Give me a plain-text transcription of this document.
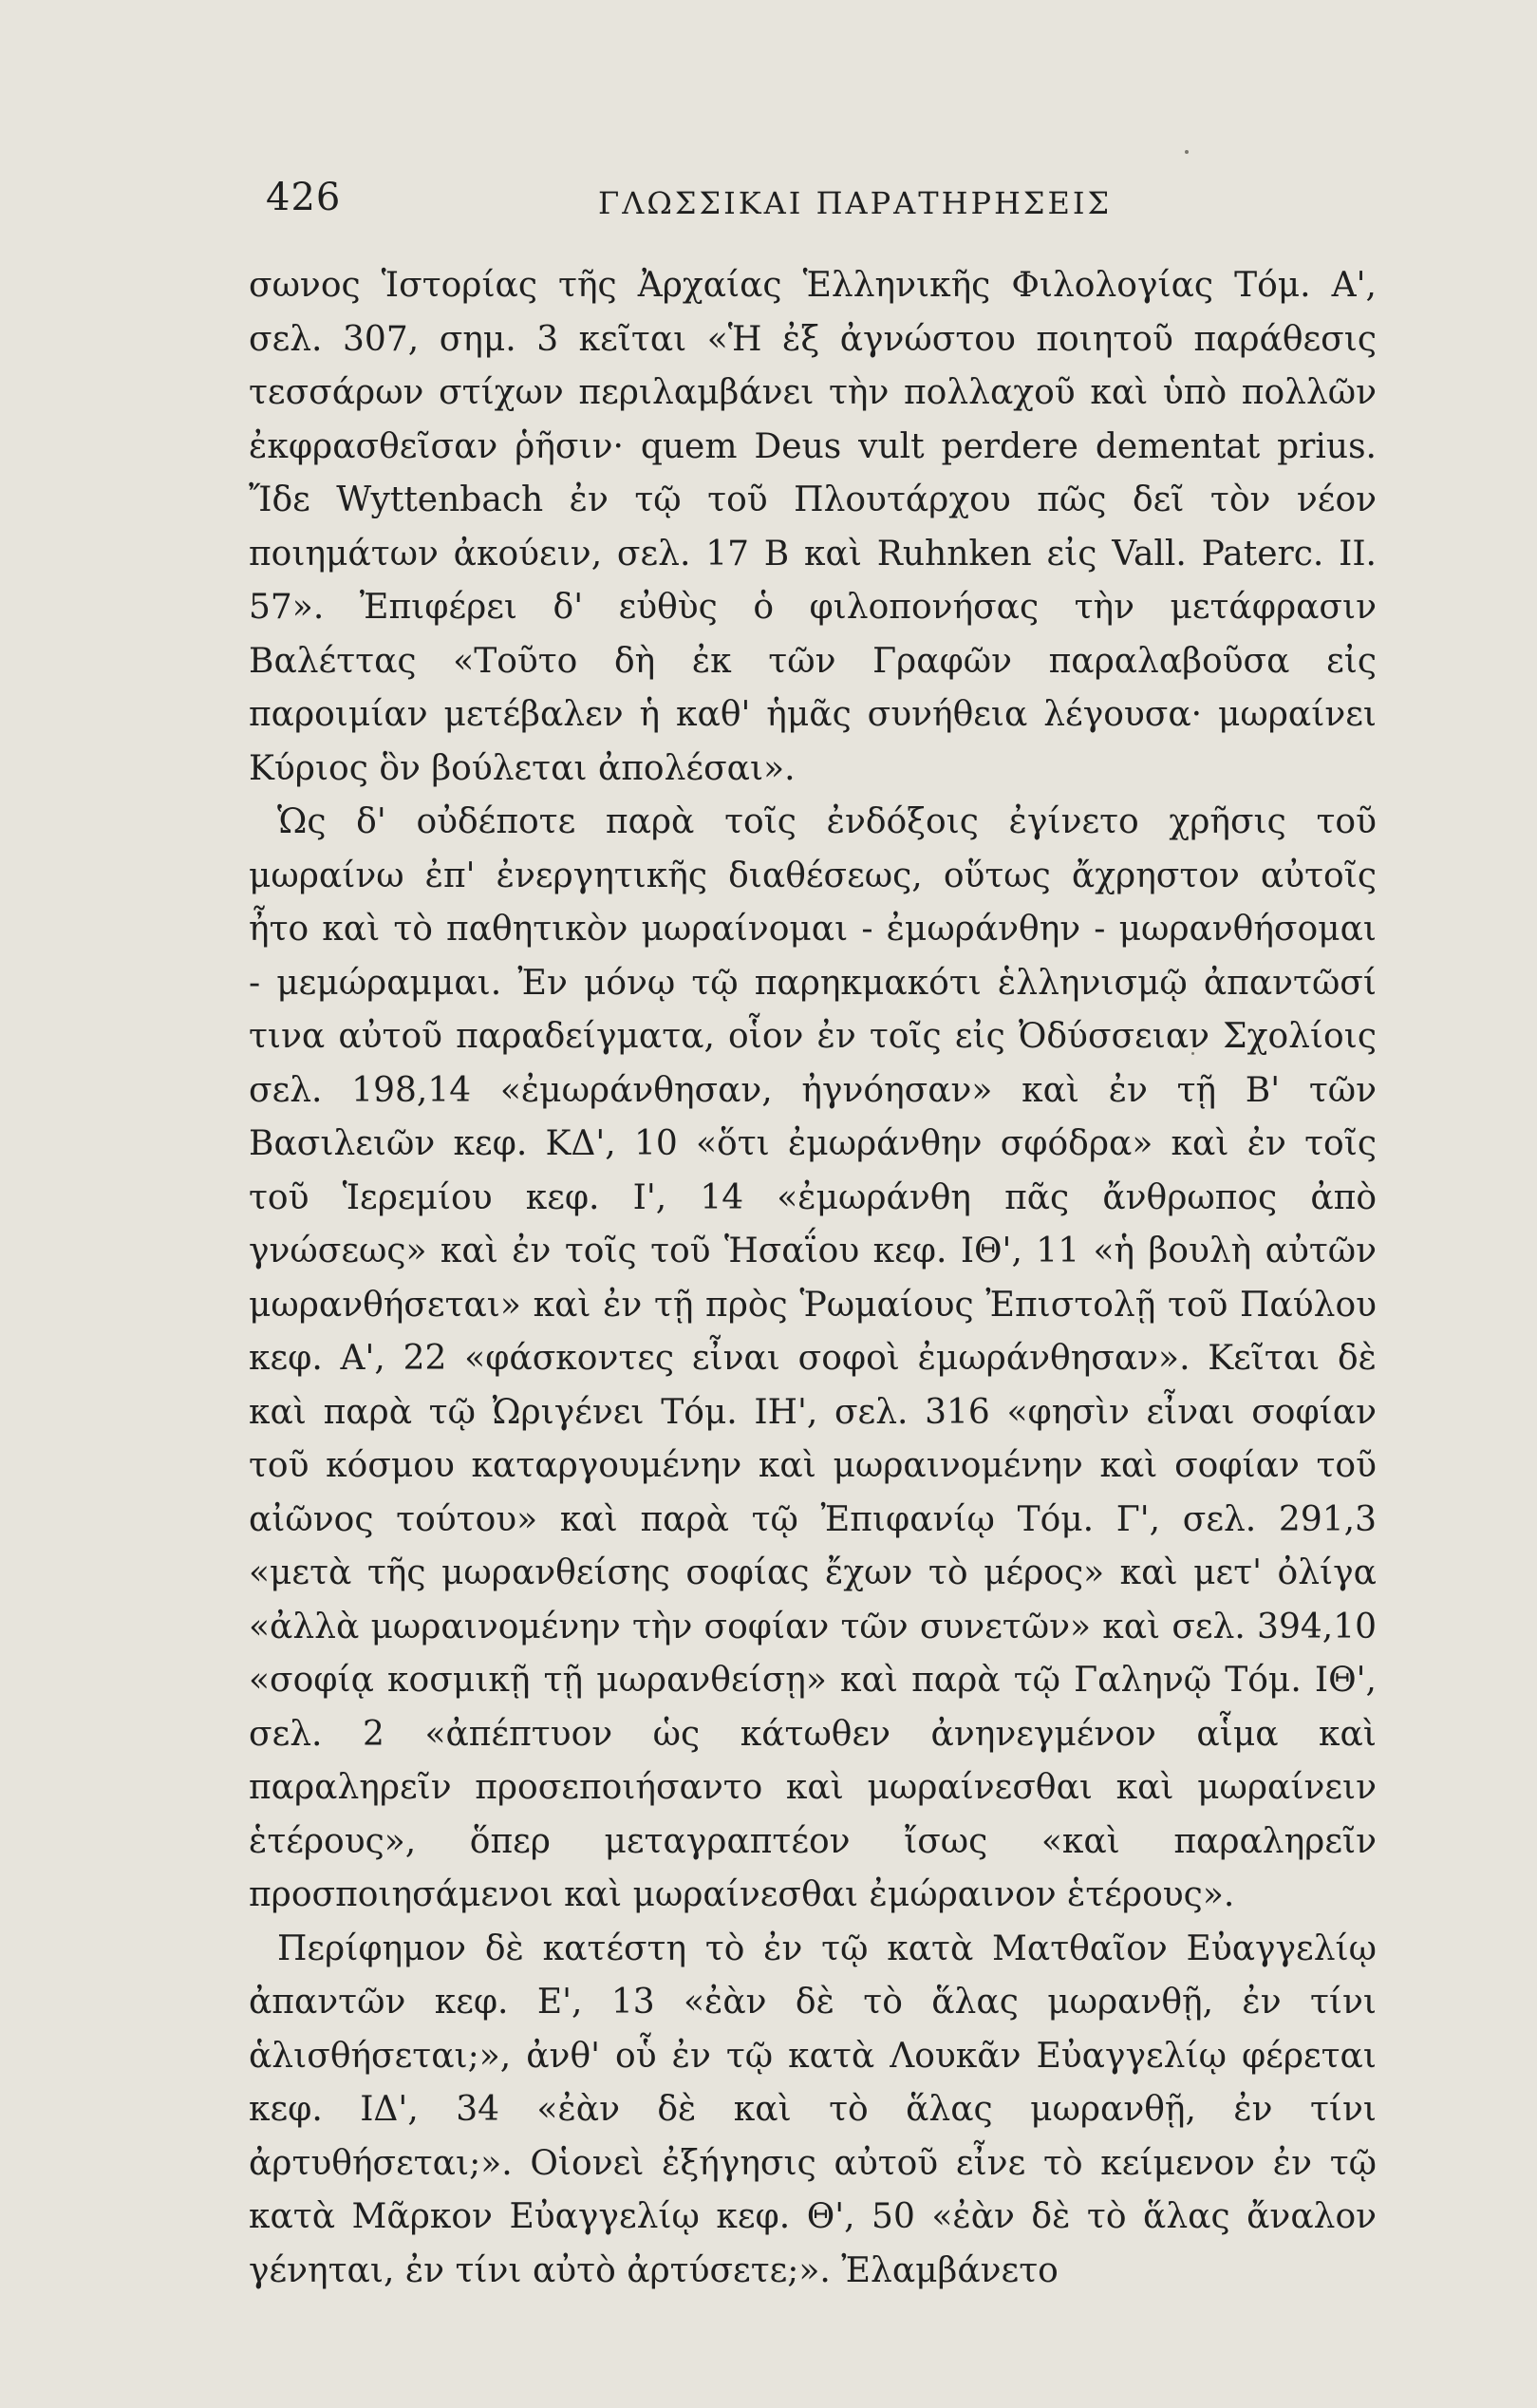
426	ΓΛΩΣΣΙΚΑΙ ΠΑΡΑΤΗΡΗΣΕΙΣ

σωνος Ἱστορίας τῆς Ἀρχαίας Ἑλληνικῆς Φιλολογίας Τόμ. Α', σελ. 307, σημ. 3 κεῖται «Ἡ ἐξ ἀγνώστου ποιητοῦ παράθεσις τεσσάρων στίχων περιλαμβάνει τὴν πολλαχοῦ καὶ ὑπὸ πολλῶν ἐκφρασθεῖσαν ῥῆσιν· quem Deus vult perdere dementat prius. Ἴδε Wyttenbach ἐν τῷ τοῦ Πλουτάρχου πῶς δεῖ τὸν νέον ποιημάτων ἀκούειν, σελ. 17 Β καὶ Ruhnken εἰς Vall. Paterc. II. 57». Ἐπιφέρει δ' εὐθὺς ὁ φιλοπονήσας τὴν μετάφρασιν Βαλέττας «Τοῦτο δὴ ἐκ τῶν Γραφῶν παραλαβοῦσα εἰς παροιμίαν μετέβαλεν ἡ καθ' ἡμᾶς συνήθεια λέγουσα· μωραίνει Κύριος ὃν βούλεται ἀπολέσαι».

Ὡς δ' οὐδέποτε παρὰ τοῖς ἐνδόξοις ἐγίνετο χρῆσις τοῦ μωραίνω ἐπ' ἐνεργητικῆς διαθέσεως, οὕτως ἄχρηστον αὐτοῖς ἦτο καὶ τὸ παθητικὸν μωραίνομαι - ἐμωράνθην - μωρανθήσομαι - μεμώραμμαι. Ἐν μόνῳ τῷ παρηκμακότι ἑλληνισμῷ ἀπαντῶσί τινα αὐτοῦ παραδείγματα, οἷον ἐν τοῖς εἰς Ὀδύσσειαν Σχολίοις σελ. 198,14 «ἐμωράνθησαν, ἠγνόησαν» καὶ ἐν τῇ Β' τῶν Βασιλειῶν κεφ. ΚΔ', 10 «ὅτι ἐμωράνθην σφόδρα» καὶ ἐν τοῖς τοῦ Ἱερεμίου κεφ. Ι', 14 «ἐμωράνθη πᾶς ἄνθρωπος ἀπὸ γνώσεως» καὶ ἐν τοῖς τοῦ Ἡσαΐου κεφ. ΙΘ', 11 «ἡ βουλὴ αὐτῶν μωρανθήσεται» καὶ ἐν τῇ πρὸς Ῥωμαίους Ἐπιστολῇ τοῦ Παύλου κεφ. Α', 22 «φάσκοντες εἶναι σοφοὶ ἐμωράνθησαν». Κεῖται δὲ καὶ παρὰ τῷ Ὠριγένει Τόμ. ΙΗ', σελ. 316 «φησὶν εἶναι σοφίαν τοῦ κόσμου καταργουμένην καὶ μωραινομένην καὶ σοφίαν τοῦ αἰῶνος τούτου» καὶ παρὰ τῷ Ἐπιφανίῳ Τόμ. Γ', σελ. 291,3 «μετὰ τῆς μωρανθείσης σοφίας ἔχων τὸ μέρος» καὶ μετ' ὀλίγα «ἀλλὰ μωραινομένην τὴν σοφίαν τῶν συνετῶν» καὶ σελ. 394,10 «σοφίᾳ κοσμικῇ τῇ μωρανθείσῃ» καὶ παρὰ τῷ Γαληνῷ Τόμ. ΙΘ', σελ. 2 «ἀπέπτυον ὡς κάτωθεν ἀνηνεγμένον αἷμα καὶ παραληρεῖν προσεποιήσαντο καὶ μωραίνεσθαι καὶ μωραίνειν ἑτέρους», ὅπερ μεταγραπτέον ἴσως «καὶ παραληρεῖν προσποιησάμενοι καὶ μωραίνεσθαι ἐμώραινον ἑτέρους».

Περίφημον δὲ κατέστη τὸ ἐν τῷ κατὰ Ματθαῖον Εὐαγγελίῳ ἀπαντῶν κεφ. Ε', 13 «ἐὰν δὲ τὸ ἅλας μωρανθῇ, ἐν τίνι ἁλισθήσεται;», ἀνθ' οὗ ἐν τῷ κατὰ Λουκᾶν Εὐαγγελίῳ φέρεται κεφ. ΙΔ', 34 «ἐὰν δὲ καὶ τὸ ἅλας μωρανθῇ, ἐν τίνι ἀρτυθήσεται;». Οἱονεὶ ἐξήγησις αὐτοῦ εἶνε τὸ κείμενον ἐν τῷ κατὰ Μᾶρκον Εὐαγγελίῳ κεφ. Θ', 50 «ἐὰν δὲ τὸ ἅλας ἄναλον γένηται, ἐν τίνι αὐτὸ ἀρτύσετε;». Ἐλαμβάνετο
